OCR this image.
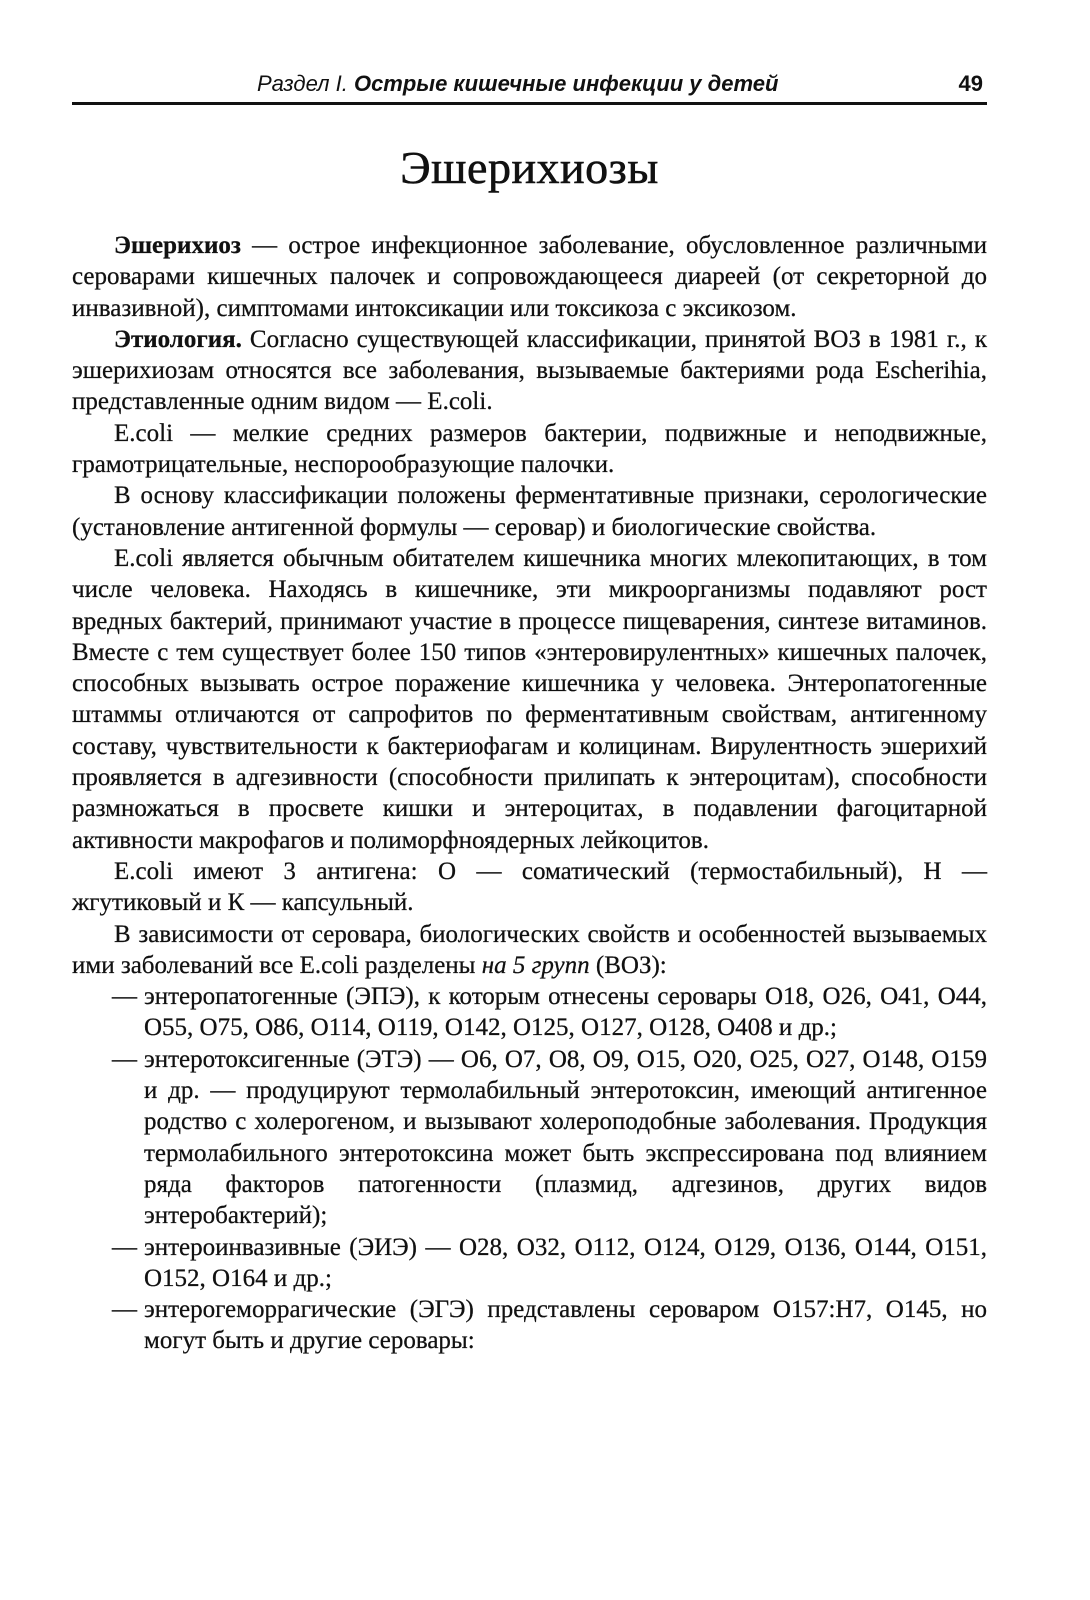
Раздел I. Острые кишечные инфекции у детей	49
Эшерихиозы

Эшерихиоз — острое инфекционное заболевание, обусловленное различными сероварами кишечных палочек и сопровождающееся диареей (от секреторной до инвазивной), симптомами интоксикации или токсикоза с эксикозом.

Этиология. Согласно существующей классификации, принятой ВОЗ в 1981 г., к эшерихиозам относятся все заболевания, вызываемые бактериями рода Escherihia, представленные одним видом — E.coli.

E.coli — мелкие средних размеров бактерии, подвижные и неподвижные, грамотрицательные, неспорообразующие палочки.

В основу классификации положены ферментативные признаки, серологические (установление антигенной формулы — серовар) и биологические свойства.

E.coli является обычным обитателем кишечника многих млекопитающих, в том числе человека. Находясь в кишечнике, эти микроорганизмы подавляют рост вредных бактерий, принимают участие в процессе пищеварения, синтезе витаминов. Вместе с тем существует более 150 типов «энтеровирулентных» кишечных палочек, способных вызывать острое поражение кишечника у человека. Энтеропатогенные штаммы отличаются от сапрофитов по ферментативным свойствам, антигенному составу, чувствительности к бактериофагам и колицинам. Вирулентность эшерихий проявляется в адгезивности (способности прилипать к энтероцитам), способности размножаться в просвете кишки и энтероцитах, в подавлении фагоцитарной активности макрофагов и полиморфноядерных лейкоцитов.

E.coli имеют 3 антигена: О — соматический (термостабильный), Н — жгутиковый и К — капсульный.

В зависимости от серовара, биологических свойств и особенностей вызываемых ими заболеваний все E.coli разделены на 5 групп (ВОЗ):

— энтеропатогенные (ЭПЭ), к которым отнесены серовары О18, О26, О41, О44, О55, О75, О86, О114, О119, О142, О125, О127, О128, О408 и др.;
— энтеротоксигенные (ЭТЭ) — О6, О7, О8, О9, О15, О20, О25, О27, О148, О159 и др. — продуцируют термолабильный энтеротоксин, имеющий антигенное родство с холерогеном, и вызывают холероподобные заболевания. Продукция термолабильного энтеротоксина может быть экспрессирована под влиянием ряда факторов патогенности (плазмид, адгезинов, других видов энтеробактерий);
— энтероинвазивные (ЭИЭ) — О28, О32, О112, О124, О129, О136, О144, О151, О152, О164 и др.;
— энтерогеморрагические (ЭГЭ) представлены сероваром О157:Н7, О145, но могут быть и другие серовары:
